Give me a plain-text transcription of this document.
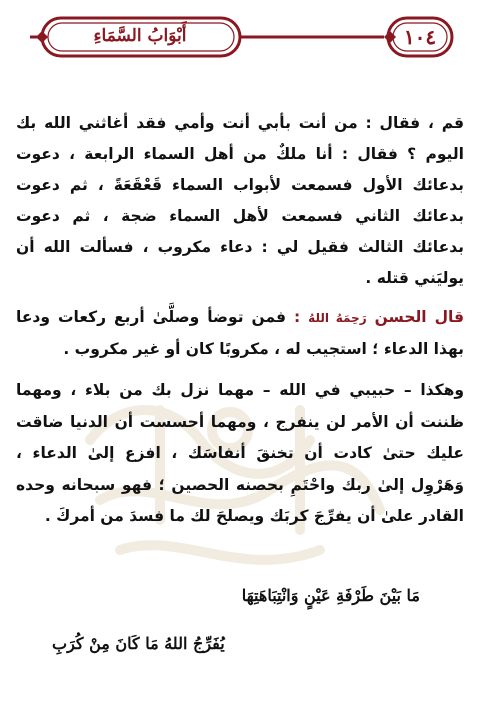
١٠٤
أَبْوَابُ السَّمَاءِ

قم ، فقال : من أنت بأبي أنت وأمي فقد أغاثني الله بك اليوم ؟ فقال : أنا ملكٌ من أهل السماء الرابعة ، دعوت بدعائك الأول فسمعت لأبواب السماء قَعْقَعَةً ، ثم دعوت بدعائك الثاني فسمعت لأهل السماء ضجة ، ثم دعوت بدعائك الثالث فقيل لي : دعاء مكروب ، فسألت الله أن يوليَني قتله .

قال الحسن رَحِمَهُ اللهُ : فمن توضأ وصلَّىٰ أربع ركعات ودعا بهذا الدعاء ؛ استجيب له ، مكروبًا كان أو غير مكروب .

وهكذا – حبيبي في الله – مهما نزل بك من بلاء ، ومهما ظننت أن الأمر لن ينفرج ، ومهما أحسست أن الدنيا ضاقت عليك حتىٰ كادت أن تخنقَ أنفاسَك ، افزع إلىٰ الدعاء ، وَهَرْوِل إلىٰ ربك واحْتَمِ بحصنه الحصين ؛ فهو سبحانه وحده القادر علىٰ أن يفرِّجَ كربَك ويصلحَ لك ما فسدَ من أمركَ .

مَا بَيْنَ طَرْفَةِ عَيْنٍ وَانْتِبَاهَتِهَا
يُفَرِّجُ اللهُ مَا كَانَ مِنْ كُرَبِ
